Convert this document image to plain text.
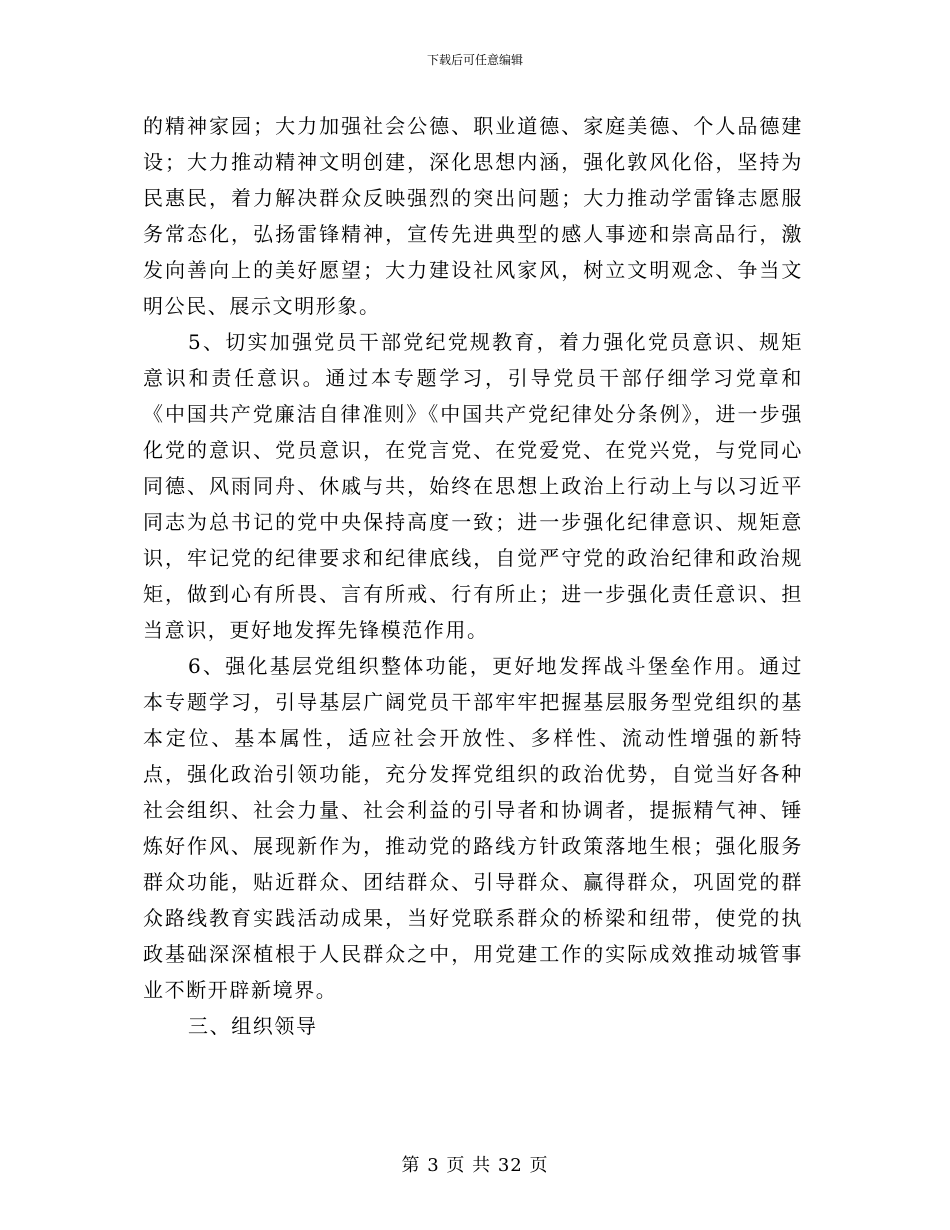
下载后可任意编辑

的精神家园；大力加强社会公德、职业道德、家庭美德、个人品德建设；大力推动精神文明创建，深化思想内涵，强化敦风化俗，坚持为民惠民，着力解决群众反映强烈的突出问题；大力推动学雷锋志愿服务常态化，弘扬雷锋精神，宣传先进典型的感人事迹和崇高品行，激发向善向上的美好愿望；大力建设社风家风，树立文明观念、争当文明公民、展示文明形象。

5、切实加强党员干部党纪党规教育，着力强化党员意识、规矩意识和责任意识。通过本专题学习，引导党员干部仔细学习党章和《中国共产党廉洁自律准则》《中国共产党纪律处分条例》，进一步强化党的意识、党员意识，在党言党、在党爱党、在党兴党，与党同心同德、风雨同舟、休戚与共，始终在思想上政治上行动上与以习近平同志为总书记的党中央保持高度一致；进一步强化纪律意识、规矩意识，牢记党的纪律要求和纪律底线，自觉严守党的政治纪律和政治规矩，做到心有所畏、言有所戒、行有所止；进一步强化责任意识、担当意识，更好地发挥先锋模范作用。

6、强化基层党组织整体功能，更好地发挥战斗堡垒作用。通过本专题学习，引导基层广阔党员干部牢牢把握基层服务型党组织的基本定位、基本属性，适应社会开放性、多样性、流动性增强的新特点，强化政治引领功能，充分发挥党组织的政治优势，自觉当好各种社会组织、社会力量、社会利益的引导者和协调者，提振精气神、锤炼好作风、展现新作为，推动党的路线方针政策落地生根；强化服务群众功能，贴近群众、团结群众、引导群众、赢得群众，巩固党的群众路线教育实践活动成果，当好党联系群众的桥梁和纽带，使党的执政基础深深植根于人民群众之中，用党建工作的实际成效推动城管事业不断开辟新境界。

三、组织领导

第 3 页 共 32 页
